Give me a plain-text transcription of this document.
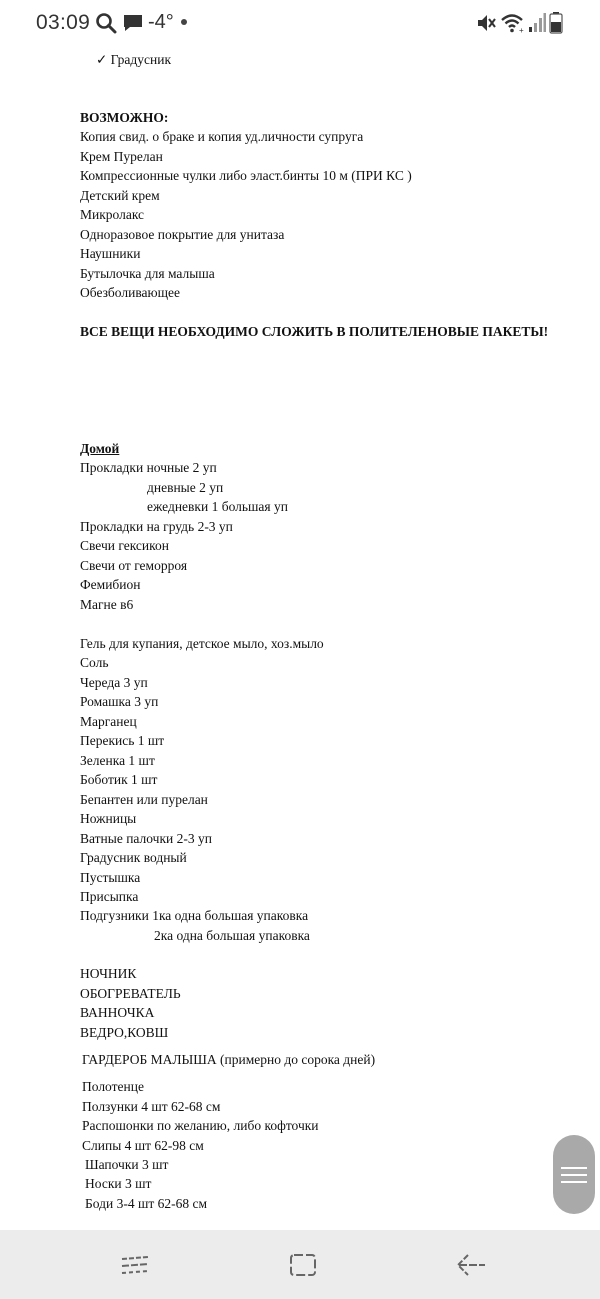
03:09	-4°	+
✓ Градусник
ВОЗМОЖНО:
Копия свид. о браке и копия уд.личности супруга
Крем Пурелан
Компрессионные чулки либо эласт.бинты 10 м (ПРИ КС )
Детский крем
Микролакс
Одноразовое покрытие для унитаза
Наушники
Бутылочка для малыша
Обезболивающее
ВСЕ ВЕЩИ НЕОБХОДИМО СЛОЖИТЬ В ПОЛИТЕЛЕНОВЫЕ ПАКЕТЫ!
Домой
Прокладки ночные 2 уп
дневные 2 уп
ежедневки 1 большая уп
Прокладки на грудь 2-3 уп
Свечи гексикон
Свечи от геморроя
Фемибион
Магне в6
Гель для купания, детское мыло, хоз.мыло
Соль
Череда 3 уп
Ромашка 3 уп
Марганец
Перекись 1 шт
Зеленка 1 шт
Боботик 1 шт
Бепантен или пурелан
Ножницы
Ватные палочки 2-3 уп
Градусник водный
Пустышка
Присыпка
Подгузники 1ка одна большая упаковка
2ка одна большая упаковка
НОЧНИК
ОБОГРЕВАТЕЛЬ
ВАННОЧКА
ВЕДРО,КОВШ
ГАРДЕРОБ МАЛЫША (примерно до сорока дней)
Полотенце
Ползунки 4 шт 62-68 см
Распошонки по желанию, либо кофточки
Слипы 4 шт 62-98 см
Шапочки 3 шт
Носки 3 шт
Боди 3-4 шт 62-68 см
